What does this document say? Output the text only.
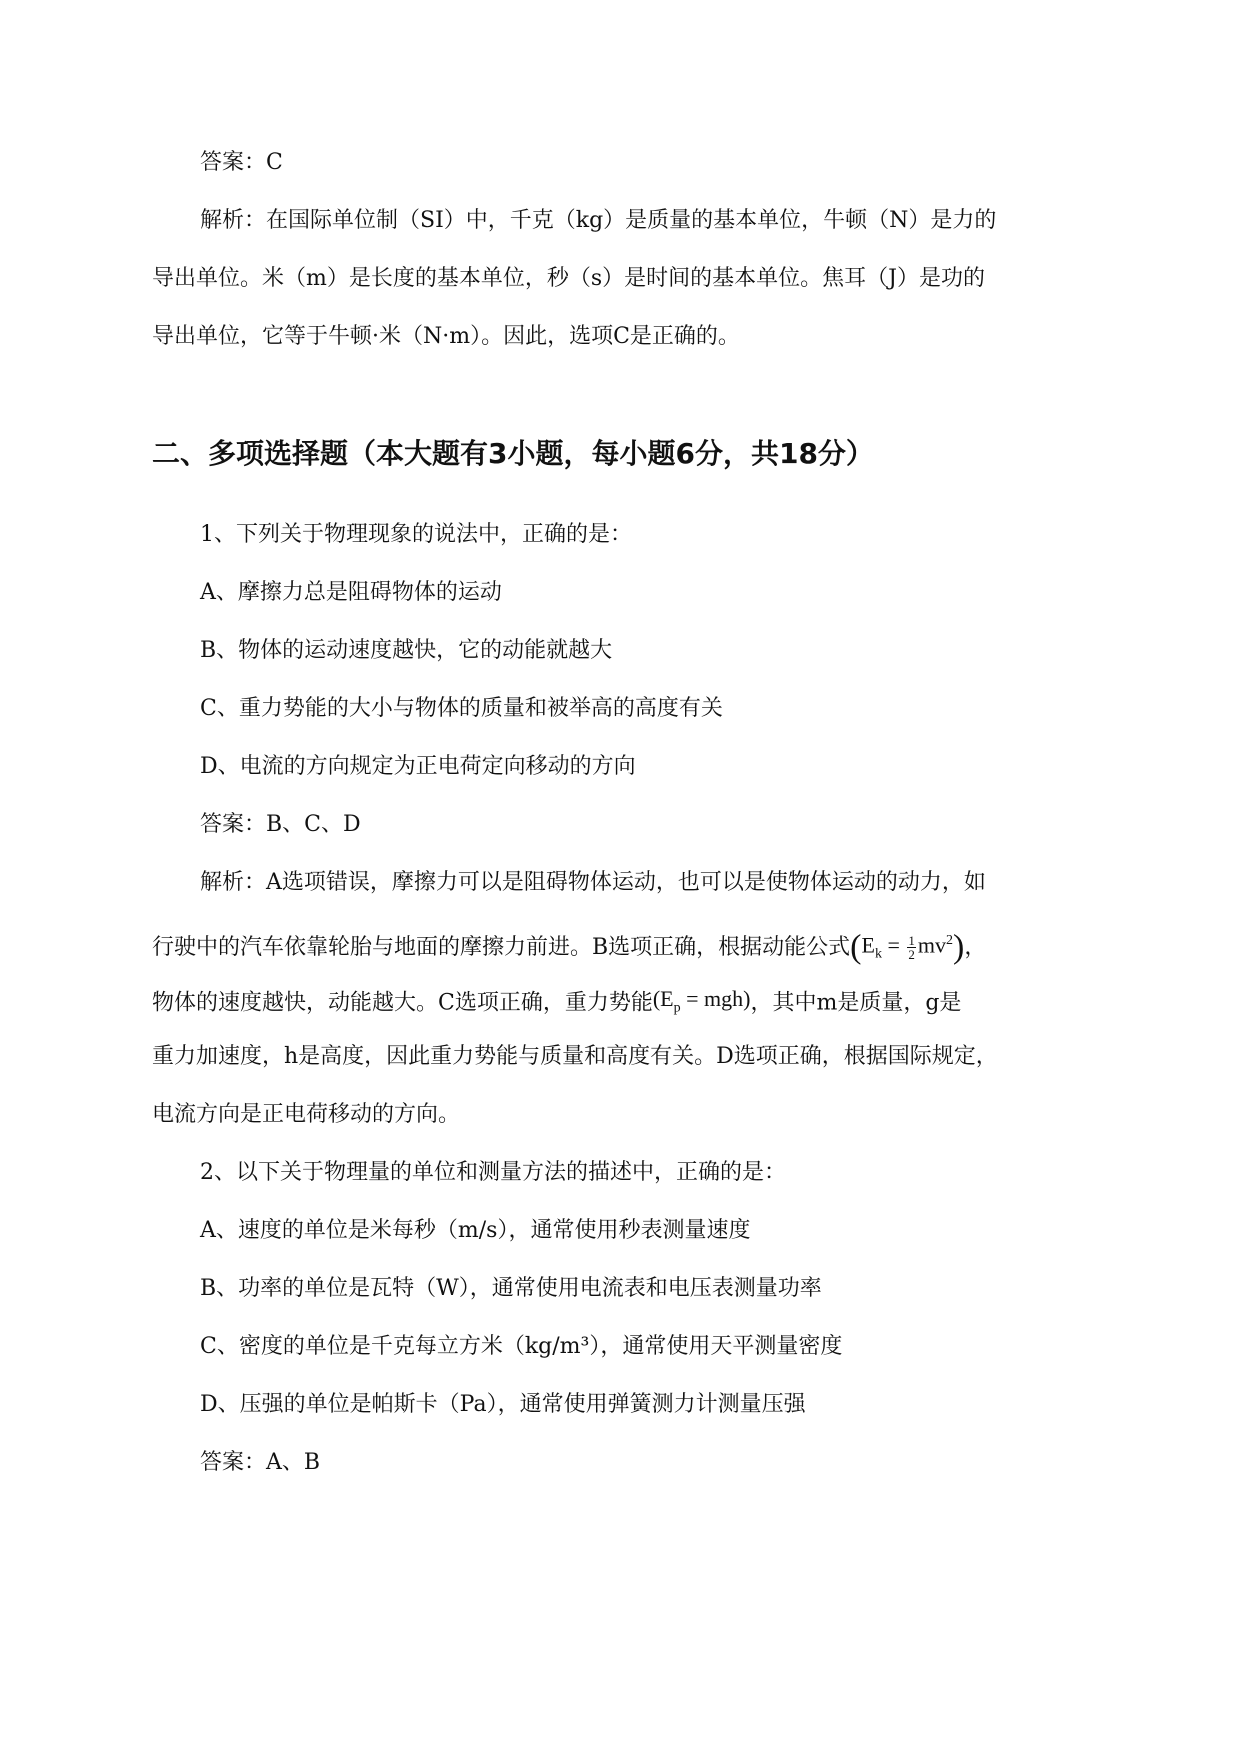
答案：C
解析：在国际单位制（SI）中，千克（kg）是质量的基本单位，牛顿（N）是力的
导出单位。米（m）是长度的基本单位，秒（s）是时间的基本单位。焦耳（J）是功的
导出单位，它等于牛顿·米（N·m）。因此，选项C是正确的。
二、多项选择题（本大题有3小题，每小题6分，共18分）
1、下列关于物理现象的说法中，正确的是：
A、摩擦力总是阻碍物体的运动
B、物体的运动速度越快，它的动能就越大
C、重力势能的大小与物体的质量和被举高的高度有关
D、电流的方向规定为正电荷定向移动的方向
答案：B、C、D
解析：A选项错误，摩擦力可以是阻碍物体运动，也可以是使物体运动的动力，如
行驶中的汽车依靠轮胎与地面的摩擦力前进。B选项正确，根据动能公式$(E_k = \frac{1}{2} mv^2)$，
物体的速度越快，动能越大。C选项正确，重力势能$(E_p = mgh)$，其中m是质量，g是
重力加速度，h是高度，因此重力势能与质量和高度有关。D选项正确，根据国际规定，
电流方向是正电荷移动的方向。
2、以下关于物理量的单位和测量方法的描述中，正确的是：
A、速度的单位是米每秒（m/s），通常使用秒表测量速度
B、功率的单位是瓦特（W），通常使用电流表和电压表测量功率
C、密度的单位是千克每立方米（kg/m³），通常使用天平测量密度
D、压强的单位是帕斯卡（Pa），通常使用弹簧测力计测量压强
答案：A、B
